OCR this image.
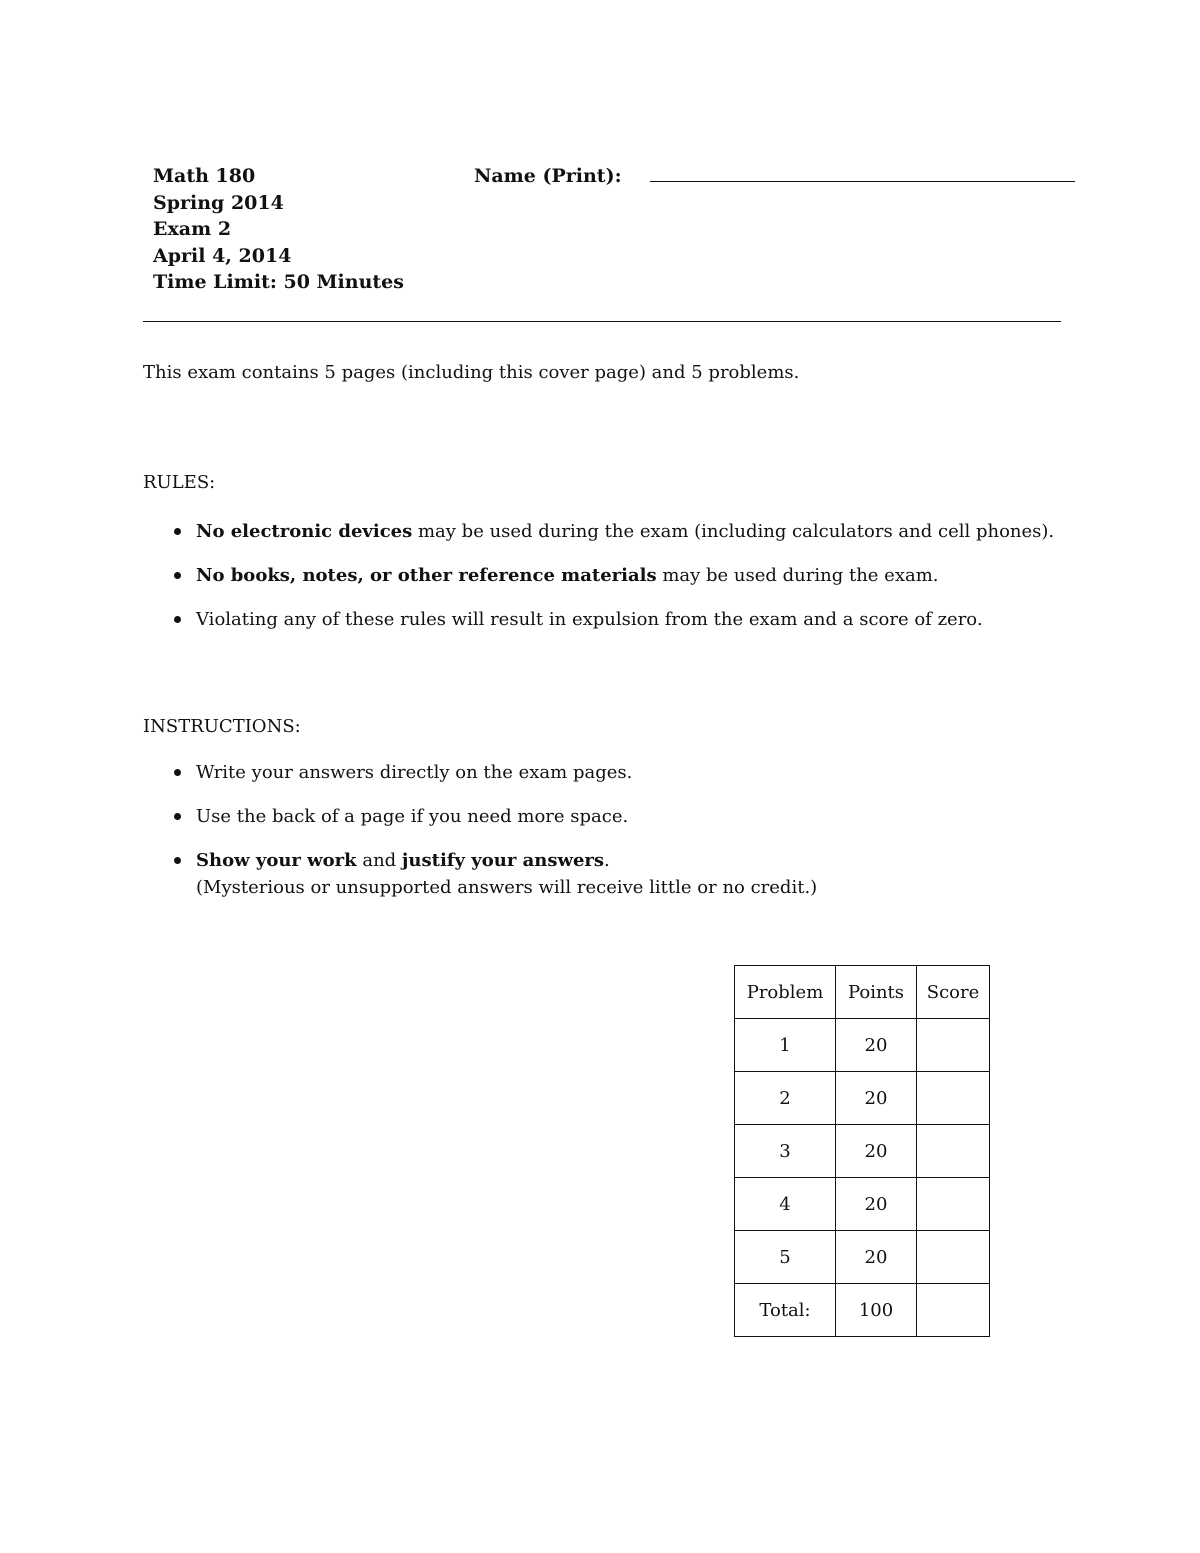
Math 180
Spring 2014
Exam 2
April 4, 2014
Time Limit: 50 Minutes
Name (Print):
This exam contains 5 pages (including this cover page) and 5 problems.
RULES:
No electronic devices may be used during the exam (including calculators and cell phones).
No books, notes, or other reference materials may be used during the exam.
Violating any of these rules will result in expulsion from the exam and a score of zero.
INSTRUCTIONS:
Write your answers directly on the exam pages.
Use the back of a page if you need more space.
Show your work and justify your answers.
(Mysterious or unsupported answers will receive little or no credit.)
Problem	Points	Score
1	20	
2	20	
3	20	
4	20	
5	20	
Total:	100	
